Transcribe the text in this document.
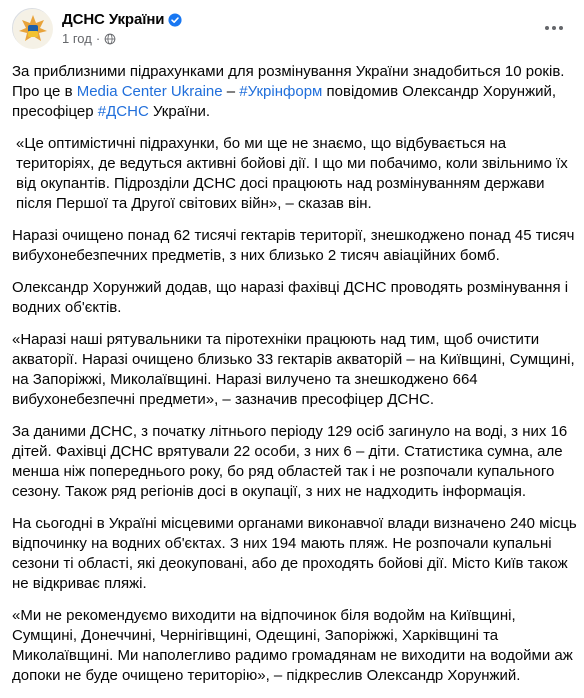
ДСНС України
1 год ·

За приблизними підрахунками для розмінування України знадобиться 10 років. Про це в Media Center Ukraine – #Укрінформ повідомив Олександр Хорунжий, пресофіцер #ДСНС України.

«Це оптимістичні підрахунки, бо ми ще не знаємо, що відбувається на територіях, де ведуться активні бойові дії. І що ми побачимо, коли звільнимо їх від окупантів. Підрозділи ДСНС досі працюють над розмінуванням держави після Першої та Другої світових війн», – сказав він.

Наразі очищено понад 62 тисячі гектарів території, знешкоджено понад 45 тисяч вибухонебезпечних предметів, з них близько 2 тисяч авіаційних бомб.

Олександр Хорунжий додав, що наразі фахівці ДСНС проводять розмінування і водних об'єктів.

«Наразі наші рятувальники та піротехніки працюють над тим, щоб очистити акваторії. Наразі очищено близько 33 гектарів акваторій – на Київщині, Сумщині, на Запоріжжі, Миколаївщині. Наразі вилучено та знешкоджено 664 вибухонебезпечні предмети», – зазначив пресофіцер ДСНС.

За даними ДСНС, з початку літнього періоду 129 осіб загинуло на воді, з них 16 дітей. Фахівці ДСНС врятували 22 особи, з них 6 – діти. Статистика сумна, але менша ніж попереднього року, бо ряд областей так і не розпочали купального сезону. Також ряд регіонів досі в окупації, з них не надходить інформація.

На сьогодні в Україні місцевими органами виконавчої влади визначено 240 місць відпочинку на водних об'єктах. З них 194 мають пляж. Не розпочали купальні сезони ті області, які деокуповані, або де проходять бойові дії. Місто Київ також не відкриває пляжі.

«Ми не рекомендуємо виходити на відпочинок біля водойм на Київщині, Сумщині, Донеччині, Чернігівщині, Одещині, Запоріжжі, Харківщині та Миколаївщині. Ми наполегливо радимо громадянам не виходити на водойми аж допоки не буде очищено територію», – підкреслив Олександр Хорунжий.
